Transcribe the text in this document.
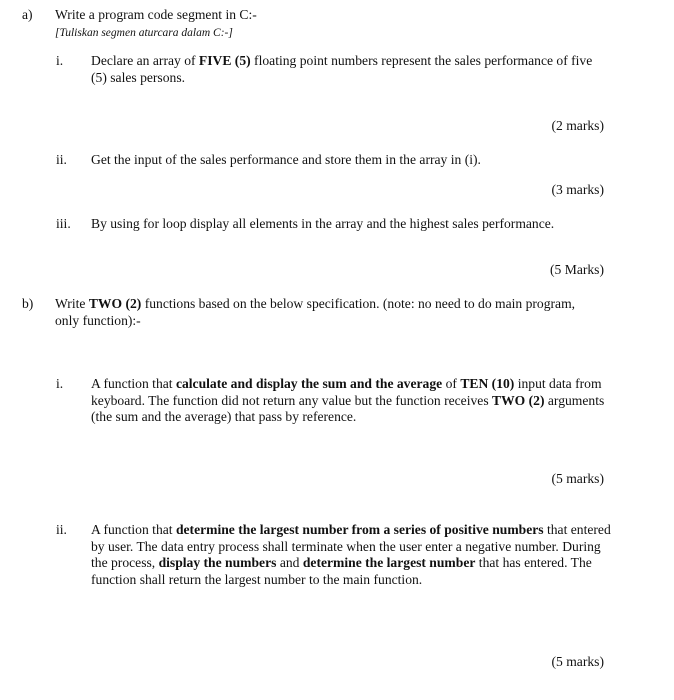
a) Write a program code segment in C:-
[Tuliskan segmen aturcara dalam C:-]
i. Declare an array of FIVE (5) floating point numbers represent the sales performance of five (5) sales persons.
(2 marks)
ii. Get the input of the sales performance and store them in the array in (i).
(3 marks)
iii. By using for loop display all elements in the array and the highest sales performance.
(5 Marks)
b) Write TWO (2) functions based on the below specification. (note: no need to do main program, only function):-
i. A function that calculate and display the sum and the average of TEN (10) input data from keyboard. The function did not return any value but the function receives TWO (2) arguments (the sum and the average) that pass by reference.
(5 marks)
ii. A function that determine the largest number from a series of positive numbers that entered by user. The data entry process shall terminate when the user enter a negative number. During the process, display the numbers and determine the largest number that has entered. The function shall return the largest number to the main function.
(5 marks)
